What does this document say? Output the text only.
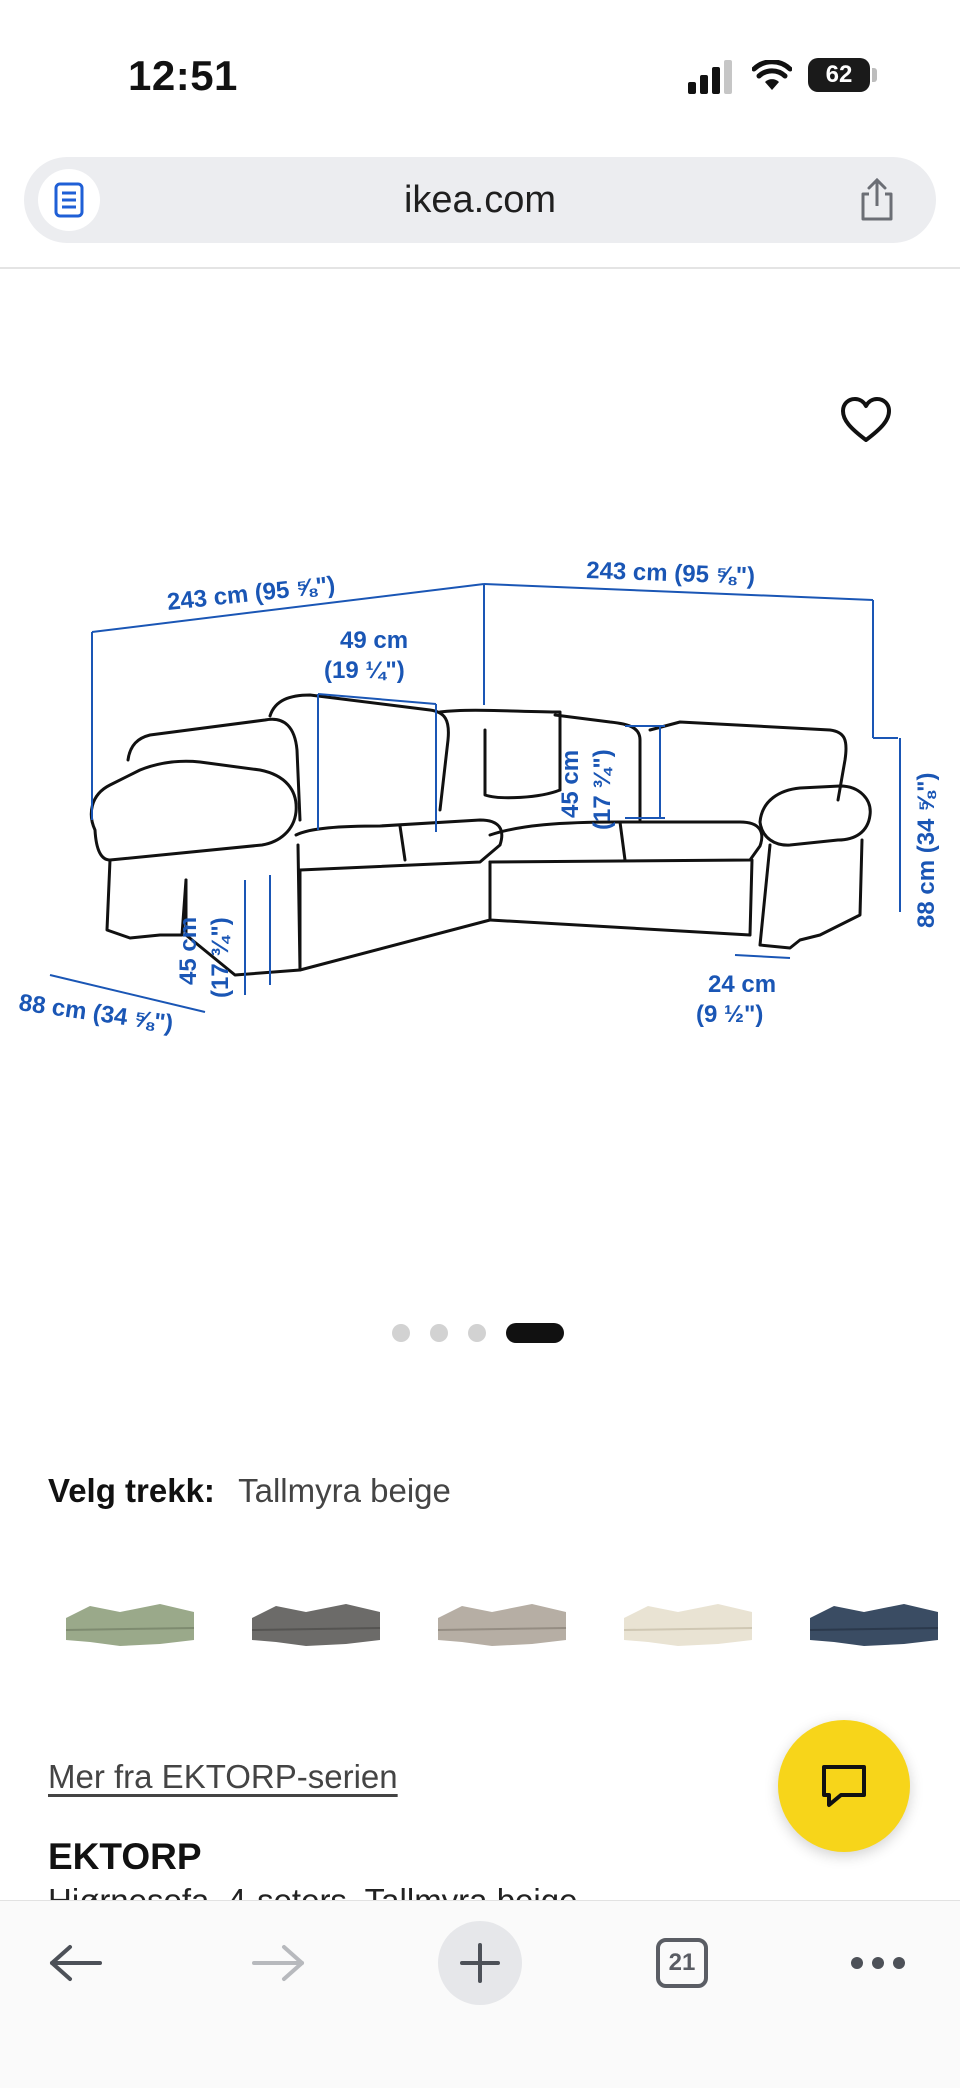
12:51	62
ikea.com
243 cm (95 ⅝")	243 cm (95 ⅝")
49 cm
(19 ¼")
45 cm (17 ¾")
45 cm (17 ¾")
88 cm (34 ⅝")
88 cm (34 ⅝")
24 cm
(9 ½")
Velg trekk: Tallmyra beige
Mer fra EKTORP-serien
EKTORP
21
